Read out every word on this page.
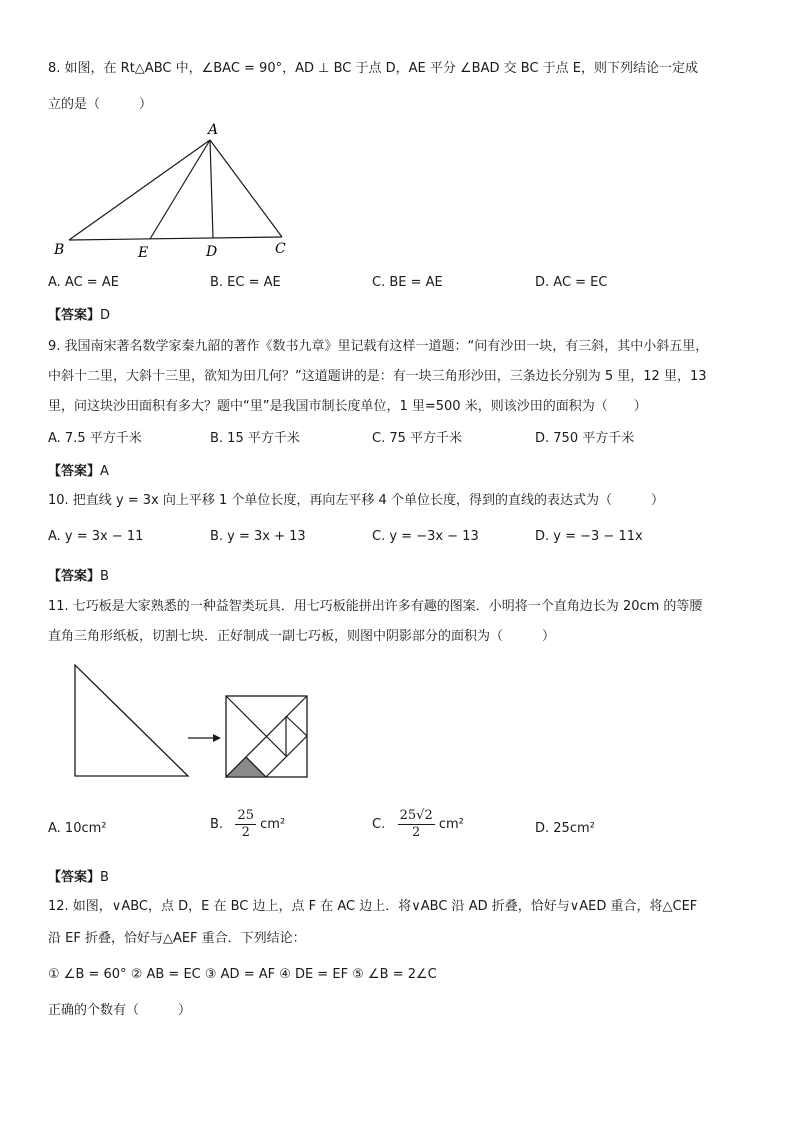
8. 如图，在 Rt△ABC 中，∠BAC = 90°，AD ⊥ BC 于点 D，AE 平分 ∠BAD 交 BC 于点 E，则下列结论一定成
立的是（　　　）
A
B	E	D	C
A. AC = AE	B. EC = AE	C. BE = AE	D. AC = EC
【答案】D
9. 我国南宋著名数学家秦九韶的著作《数书九章》里记载有这样一道题：“问有沙田一块，有三斜，其中小斜五里，
中斜十二里，大斜十三里，欲知为田几何？”这道题讲的是：有一块三角形沙田，三条边长分别为 5 里，12 里，13
里，问这块沙田面积有多大？题中“里”是我国市制长度单位，1 里=500 米，则该沙田的面积为（　　）
A. 7.5 平方千米	B. 15 平方千米	C. 75 平方千米	D. 750 平方千米
【答案】A
10. 把直线 y = 3x 向上平移 1 个单位长度，再向左平移 4 个单位长度，得到的直线的表达式为（　　　）
A. y = 3x − 11	B. y = 3x + 13	C. y = −3x − 13	D. y = −3 − 11x
【答案】B
11. 七巧板是大家熟悉的一种益智类玩具．用七巧板能拼出许多有趣的图案．小明将一个直角边长为 20cm 的等腰
直角三角形纸板，切割七块．正好制成一副七巧板，则图中阴影部分的面积为（　　　）
A. 10cm²	B. $\frac{25}{2} cm^2$	C. $\frac{25√2}{2} cm^2$	D. 25cm²
【答案】B
12. 如图，∨ABC，点 D，E 在 BC 边上，点 F 在 AC 边上．将∨ABC 沿 AD 折叠，恰好与∨AED 重合，将△CEF
沿 EF 折叠，恰好与△AEF 重合．下列结论：
① ∠B = 60° ② AB = EC ③ AD = AF ④ DE = EF ⑤ ∠B = 2∠C
正确的个数有（　　　）
